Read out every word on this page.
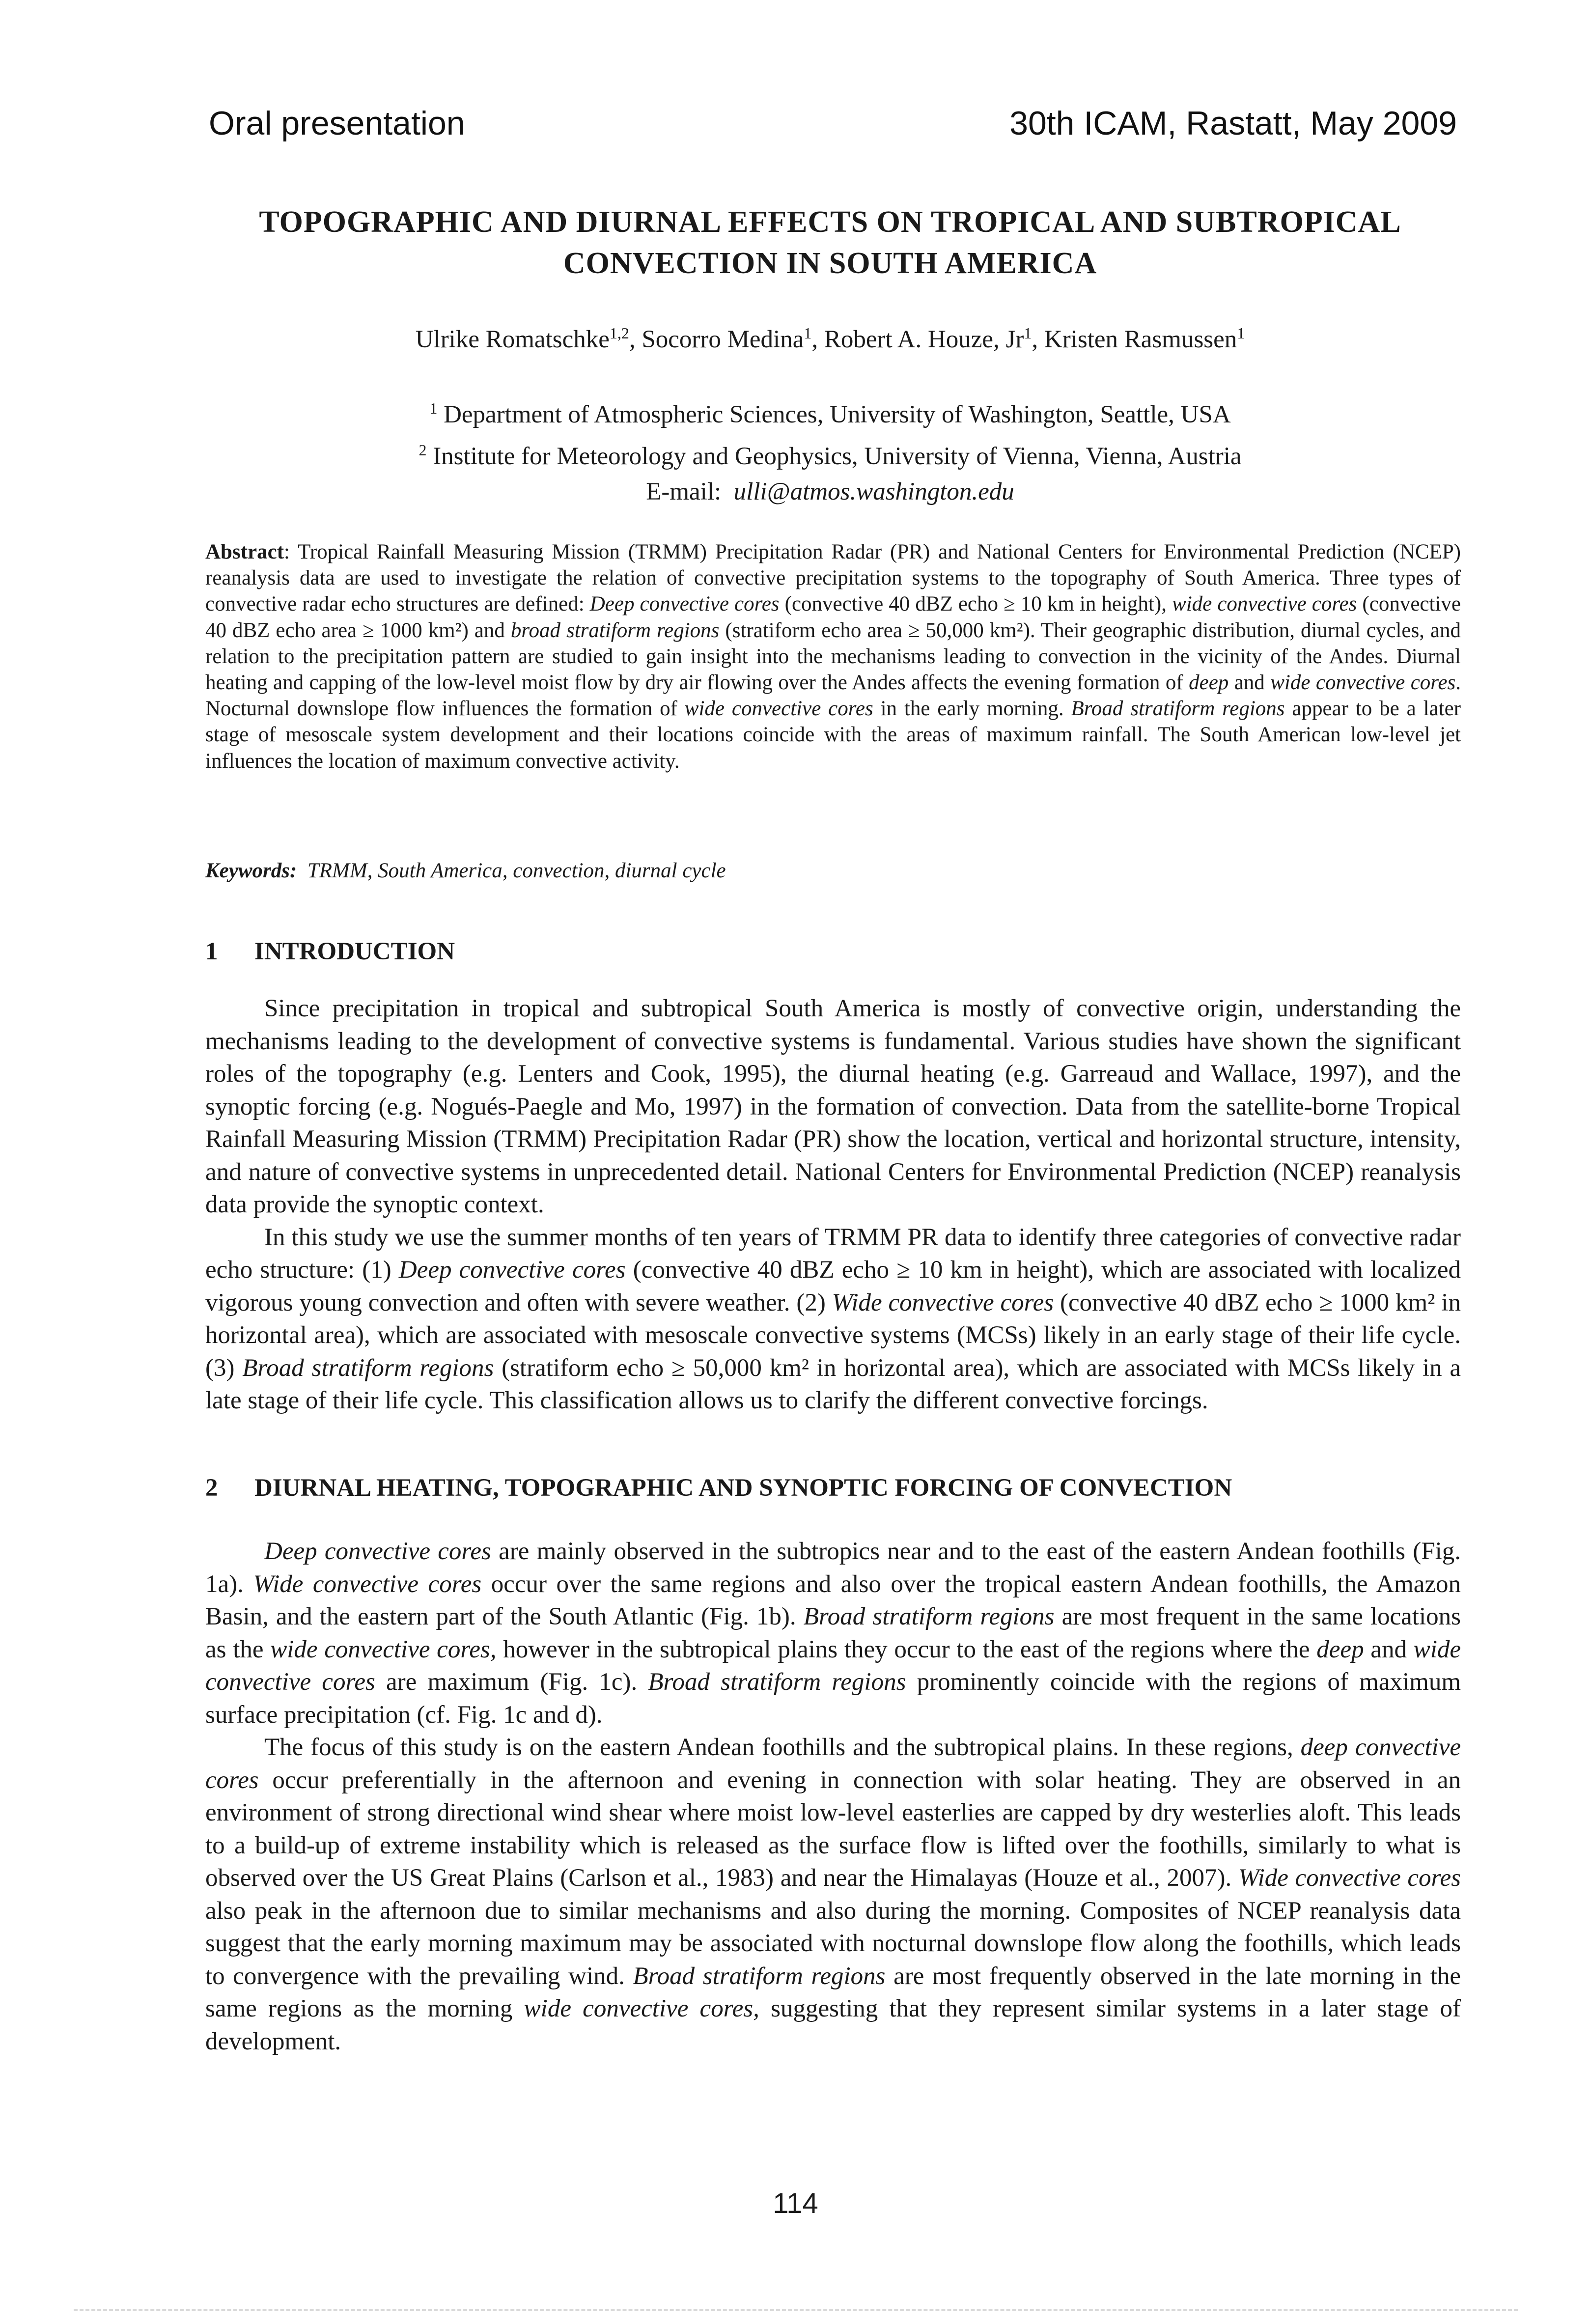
Oral presentation	30th ICAM, Rastatt, May 2009
TOPOGRAPHIC AND DIURNAL EFFECTS ON TROPICAL AND SUBTROPICAL
CONVECTION IN SOUTH AMERICA
Ulrike Romatschke$^{1,2}$, Socorro Medina$^1$, Robert A. Houze, Jr$^1$, Kristen Rasmussen$^1$
$^1$ Department of Atmospheric Sciences, University of Washington, Seattle, USA
$^2$ Institute for Meteorology and Geophysics, University of Vienna, Vienna, Austria
E-mail: ulli@atmos.washington.edu
Abstract: Tropical Rainfall Measuring Mission (TRMM) Precipitation Radar (PR) and National Centers for Environmental Prediction (NCEP) reanalysis data are used to investigate the relation of convective precipitation systems to the topography of South America. Three types of convective radar echo structures are defined: Deep convective cores (convective 40 dBZ echo ≥ 10 km in height), wide convective cores (convective 40 dBZ echo area ≥ 1000 km²) and broad stratiform regions (stratiform echo area ≥ 50,000 km²). Their geographic distribution, diurnal cycles, and relation to the precipitation pattern are studied to gain insight into the mechanisms leading to convection in the vicinity of the Andes. Diurnal heating and capping of the low-level moist flow by dry air flowing over the Andes affects the evening formation of deep and wide convective cores. Nocturnal downslope flow influences the formation of wide convective cores in the early morning. Broad stratiform regions appear to be a later stage of mesoscale system development and their locations coincide with the areas of maximum rainfall. The South American low-level jet influences the location of maximum convective activity.
Keywords: TRMM, South America, convection, diurnal cycle
1 INTRODUCTION

Since precipitation in tropical and subtropical South America is mostly of convective origin, understanding the mechanisms leading to the development of convective systems is fundamental. Various studies have shown the significant roles of the topography (e.g. Lenters and Cook, 1995), the diurnal heating (e.g. Garreaud and Wallace, 1997), and the synoptic forcing (e.g. Nogués-Paegle and Mo, 1997) in the formation of convection. Data from the satellite-borne Tropical Rainfall Measuring Mission (TRMM) Precipitation Radar (PR) show the location, vertical and horizontal structure, intensity, and nature of convective systems in unprecedented detail. National Centers for Environmental Prediction (NCEP) reanalysis data provide the synoptic context.

In this study we use the summer months of ten years of TRMM PR data to identify three categories of convective radar echo structure: (1) Deep convective cores (convective 40 dBZ echo ≥ 10 km in height), which are associated with localized vigorous young convection and often with severe weather. (2) Wide convective cores (convective 40 dBZ echo ≥ 1000 km² in horizontal area), which are associated with mesoscale convective systems (MCSs) likely in an early stage of their life cycle. (3) Broad stratiform regions (stratiform echo ≥ 50,000 km² in horizontal area), which are associated with MCSs likely in a late stage of their life cycle. This classification allows us to clarify the different convective forcings.

2 DIURNAL HEATING, TOPOGRAPHIC AND SYNOPTIC FORCING OF CONVECTION

Deep convective cores are mainly observed in the subtropics near and to the east of the eastern Andean foothills (Fig. 1a). Wide convective cores occur over the same regions and also over the tropical eastern Andean foothills, the Amazon Basin, and the eastern part of the South Atlantic (Fig. 1b). Broad stratiform regions are most frequent in the same locations as the wide convective cores, however in the subtropical plains they occur to the east of the regions where the deep and wide convective cores are maximum (Fig. 1c). Broad stratiform regions prominently coincide with the regions of maximum surface precipitation (cf. Fig. 1c and d).

The focus of this study is on the eastern Andean foothills and the subtropical plains. In these regions, deep convective cores occur preferentially in the afternoon and evening in connection with solar heating. They are observed in an environment of strong directional wind shear where moist low-level easterlies are capped by dry westerlies aloft. This leads to a build-up of extreme instability which is released as the surface flow is lifted over the foothills, similarly to what is observed over the US Great Plains (Carlson et al., 1983) and near the Himalayas (Houze et al., 2007). Wide convective cores also peak in the afternoon due to similar mechanisms and also during the morning. Composites of NCEP reanalysis data suggest that the early morning maximum may be associated with nocturnal downslope flow along the foothills, which leads to convergence with the prevailing wind. Broad stratiform regions are most frequently observed in the late morning in the same regions as the morning wide convective cores, suggesting that they represent similar systems in a later stage of development.

114
